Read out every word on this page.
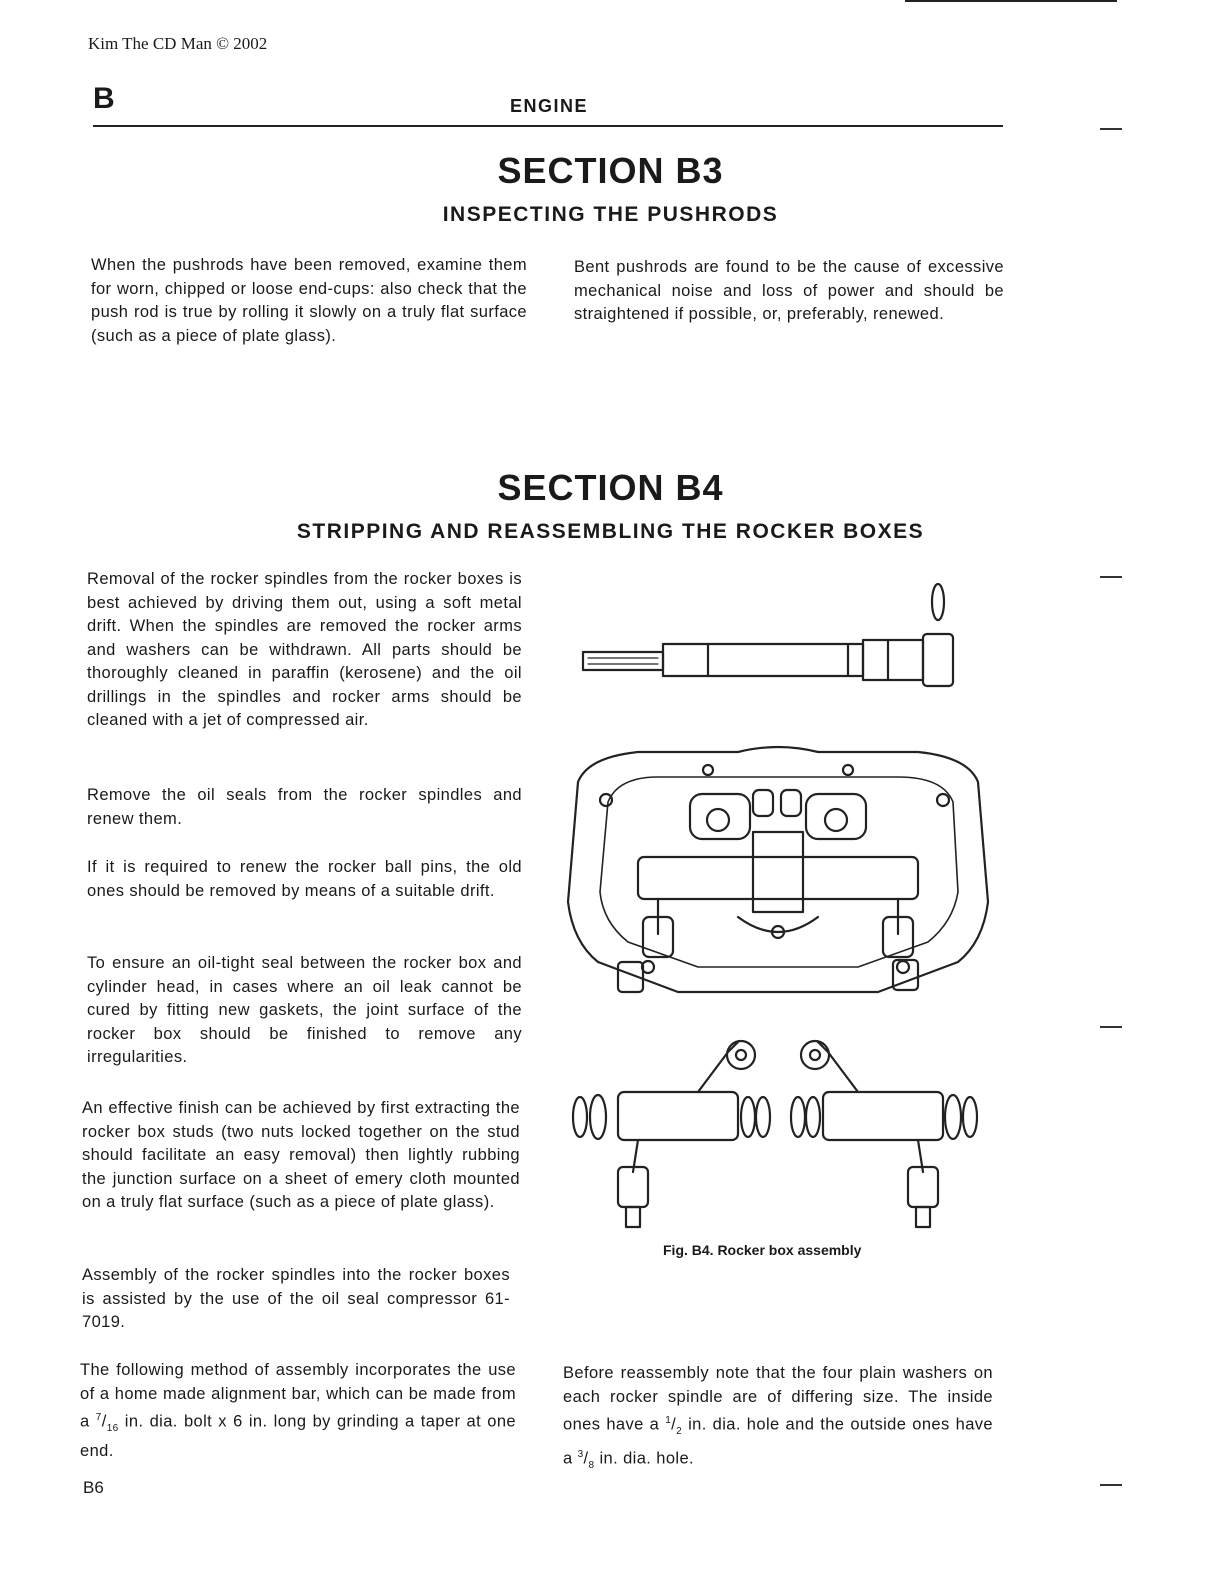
Kim The CD Man © 2002
B	ENGINE
SECTION B3
INSPECTING THE PUSHRODS
When the pushrods have been removed, examine them for worn, chipped or loose end-cups: also check that the push rod is true by rolling it slowly on a truly flat surface (such as a piece of plate glass).
Bent pushrods are found to be the cause of excessive mechanical noise and loss of power and should be straightened if possible, or, preferably, renewed.
SECTION B4
STRIPPING AND REASSEMBLING THE ROCKER BOXES
Removal of the rocker spindles from the rocker boxes is best achieved by driving them out, using a soft metal drift. When the spindles are removed the rocker arms and washers can be withdrawn. All parts should be thoroughly cleaned in paraffin (kerosene) and the oil drillings in the spindles and rocker arms should be cleaned with a jet of compressed air.
Remove the oil seals from the rocker spindles and renew them.
If it is required to renew the rocker ball pins, the old ones should be removed by means of a suitable drift.
To ensure an oil-tight seal between the rocker box and cylinder head, in cases where an oil leak cannot be cured by fitting new gaskets, the joint surface of the rocker box should be finished to remove any irregularities.
An effective finish can be achieved by first extracting the rocker box studs (two nuts locked together on the stud should facilitate an easy removal) then lightly rubbing the junction surface on a sheet of emery cloth mounted on a truly flat surface (such as a piece of plate glass).
Assembly of the rocker spindles into the rocker boxes is assisted by the use of the oil seal compressor 61-7019.
The following method of assembly incorporates the use of a home made alignment bar, which can be made from a $^7/_{16}$ in. dia. bolt x 6 in. long by grinding a taper at one end.
Before reassembly note that the four plain washers on each rocker spindle are of differing size. The inside ones have a $^1/_2$ in. dia. hole and the outside ones have a $^3/_8$ in. dia. hole.
Fig. B4. Rocker box assembly
B6
